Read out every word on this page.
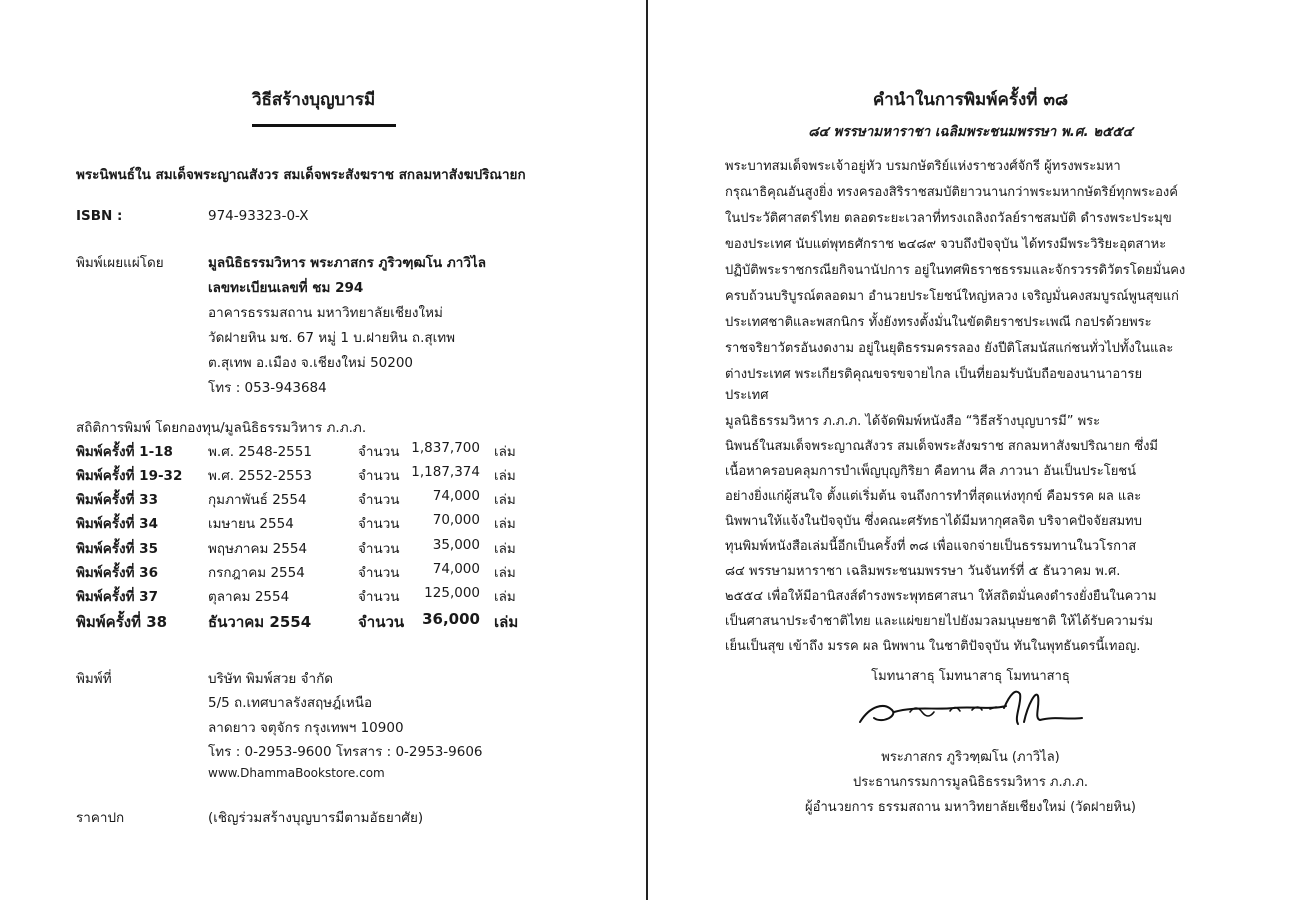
วิธีสร้างบุญบารมี
พระนิพนธ์ใน สมเด็จพระญาณสังวร สมเด็จพระสังฆราช สกลมหาสังฆปริณายก
ISBN :	974-93323-0-X
พิมพ์เผยแผ่โดย	มูลนิธิธรรมวิหาร พระภาสกร ภูริวฑฺฒโน ภาวิไล
เลขทะเบียนเลขที่ ชม 294
อาคารธรรมสถาน มหาวิทยาลัยเชียงใหม่
วัดฝายหิน มช. 67 หมู่ 1 บ.ฝายหิน ถ.สุเทพ
ต.สุเทพ อ.เมือง จ.เชียงใหม่ 50200
โทร : 053-943684
สถิติการพิมพ์ โดยกองทุน/มูลนิธิธรรมวิหาร ภ.ภ.ภ.
พิมพ์ครั้งที่ 1-18	พ.ศ. 2548-2551	จำนวน 1,837,700 เล่ม
พิมพ์ครั้งที่ 19-32 พ.ศ. 2552-2553	จำนวน 1,187,374 เล่ม
พิมพ์ครั้งที่ 33	กุมภาพันธ์ 2554	จำนวน	74,000 เล่ม
พิมพ์ครั้งที่ 34	เมษายน 2554	จำนวน	70,000 เล่ม
พิมพ์ครั้งที่ 35	พฤษภาคม 2554	จำนวน	35,000 เล่ม
พิมพ์ครั้งที่ 36	กรกฎาคม 2554	จำนวน	74,000 เล่ม
พิมพ์ครั้งที่ 37	ตุลาคม 2554	จำนวน	125,000 เล่ม
พิมพ์ครั้งที่ 38	ธันวาคม 2554	จำนวน	36,000 เล่ม
พิมพ์ที่	บริษัท พิมพ์สวย จำกัด
5/5 ถ.เทศบาลรังสฤษฎ์เหนือ
ลาดยาว จตุจักร กรุงเทพฯ 10900
โทร : 0-2953-9600 โทรสาร : 0-2953-9606
www.DhammaBookstore.com
ราคาปก	(เชิญร่วมสร้างบุญบารมีตามอัธยาศัย)
คำนำในการพิมพ์ครั้งที่ ๓๘
๘๔ พรรษามหาราชา เฉลิมพระชนมพรรษา พ.ศ. ๒๕๕๔
พระบาทสมเด็จพระเจ้าอยู่หัว บรมกษัตริย์แห่งราชวงศ์จักรี ผู้ทรงพระมหา
กรุณาธิคุณอันสูงยิ่ง ทรงครองสิริราชสมบัติยาวนานกว่าพระมหากษัตริย์ทุกพระองค์
ในประวัติศาสตร์ไทย ตลอดระยะเวลาที่ทรงเถลิงถวัลย์ราชสมบัติ ดำรงพระประมุข
ของประเทศ นับแต่พุทธศักราช ๒๔๘๙ จวบถึงปัจจุบัน ได้ทรงมีพระวิริยะอุตสาหะ
ปฏิบัติพระราชกรณียกิจนานัปการ อยู่ในทศพิธราชธรรมและจักรวรรดิวัตรโดยมั่นคง
ครบถ้วนบริบูรณ์ตลอดมา อำนวยประโยชน์ใหญ่หลวง เจริญมั่นคงสมบูรณ์พูนสุขแก่
ประเทศชาติและพสกนิกร ทั้งยังทรงตั้งมั่นในขัตติยราชประเพณี กอปรด้วยพระ
ราชจริยาวัตรอันงดงาม อยู่ในยุติธรรมครรลอง ยังปีติโสมนัสแก่ชนทั่วไปทั้งในและ
ต่างประเทศ พระเกียรติคุณขจรขจายไกล เป็นที่ยอมรับนับถือของนานาอารย
ประเทศ
มูลนิธิธรรมวิหาร ภ.ภ.ภ. ได้จัดพิมพ์หนังสือ “วิธีสร้างบุญบารมี” พระ
นิพนธ์ในสมเด็จพระญาณสังวร สมเด็จพระสังฆราช สกลมหาสังฆปริณายก ซึ่งมี
เนื้อหาครอบคลุมการบำเพ็ญบุญกิริยา คือทาน ศีล ภาวนา อันเป็นประโยชน์
อย่างยิ่งแก่ผู้สนใจ ตั้งแต่เริ่มต้น จนถึงการทำที่สุดแห่งทุกข์ คือมรรค ผล และ
นิพพานให้แจ้งในปัจจุบัน ซึ่งคณะศรัทธาได้มีมหากุศลจิต บริจาคปัจจัยสมทบ
ทุนพิมพ์หนังสือเล่มนี้อีกเป็นครั้งที่ ๓๘ เพื่อแจกจ่ายเป็นธรรมทานในวโรกาส
๘๔ พรรษามหาราชา เฉลิมพระชนมพรรษา วันจันทร์ที่ ๕ ธันวาคม พ.ศ.
๒๕๕๔ เพื่อให้มีอานิสงส์ดำรงพระพุทธศาสนา ให้สถิตมั่นคงดำรงยั่งยืนในความ
เป็นศาสนาประจำชาติไทย และแผ่ขยายไปยังมวลมนุษยชาติ ให้ได้รับความร่ม
เย็นเป็นสุข เข้าถึง มรรค ผล นิพพาน ในชาติปัจจุบัน ทันในพุทธันดรนี้เทอญ.
โมทนาสาธุ โมทนาสาธุ โมทนาสาธุ
พระภาสกร ภูริวฑฺฒโน (ภาวิไล)
ประธานกรรมการมูลนิธิธรรมวิหาร ภ.ภ.ภ.
ผู้อำนวยการ ธรรมสถาน มหาวิทยาลัยเชียงใหม่ (วัดฝายหิน)
